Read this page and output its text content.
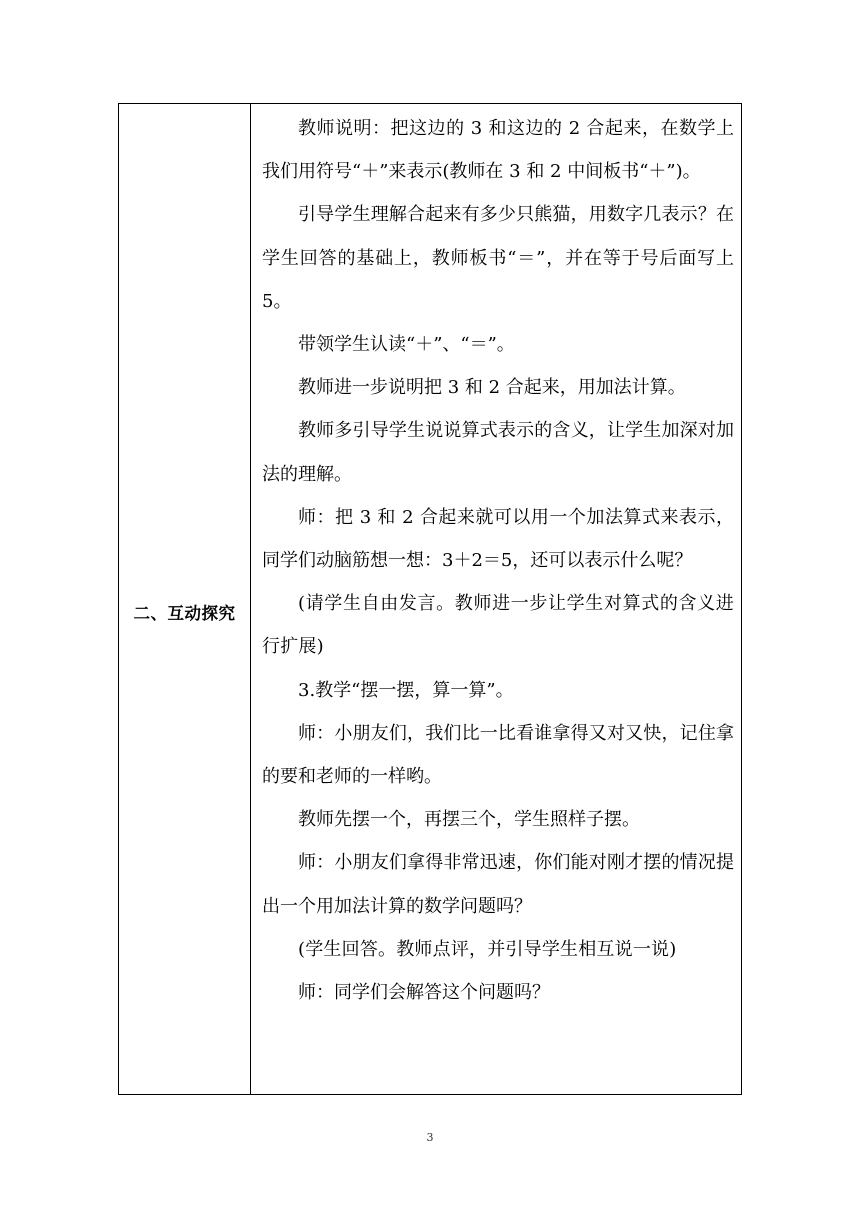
二、互动探究

教师说明：把这边的 3 和这边的 2 合起来，在数学上我们用符号“＋”来表示(教师在 3 和 2 中间板书“＋”)。

引导学生理解合起来有多少只熊猫，用数字几表示？在学生回答的基础上，教师板书“＝”，并在等于号后面写上 5。

带领学生认读“＋”、“＝”。

教师进一步说明把 3 和 2 合起来，用加法计算。

教师多引导学生说说算式表示的含义，让学生加深对加法的理解。

师：把 3 和 2 合起来就可以用一个加法算式来表示，同学们动脑筋想一想：3＋2＝5，还可以表示什么呢？

(请学生自由发言。教师进一步让学生对算式的含义进行扩展)

3.教学“摆一摆，算一算”。

师：小朋友们，我们比一比看谁拿得又对又快，记住拿的要和老师的一样哟。

教师先摆一个，再摆三个，学生照样子摆。

师：小朋友们拿得非常迅速，你们能对刚才摆的情况提出一个用加法计算的数学问题吗？

(学生回答。教师点评，并引导学生相互说一说)

师：同学们会解答这个问题吗？

3
